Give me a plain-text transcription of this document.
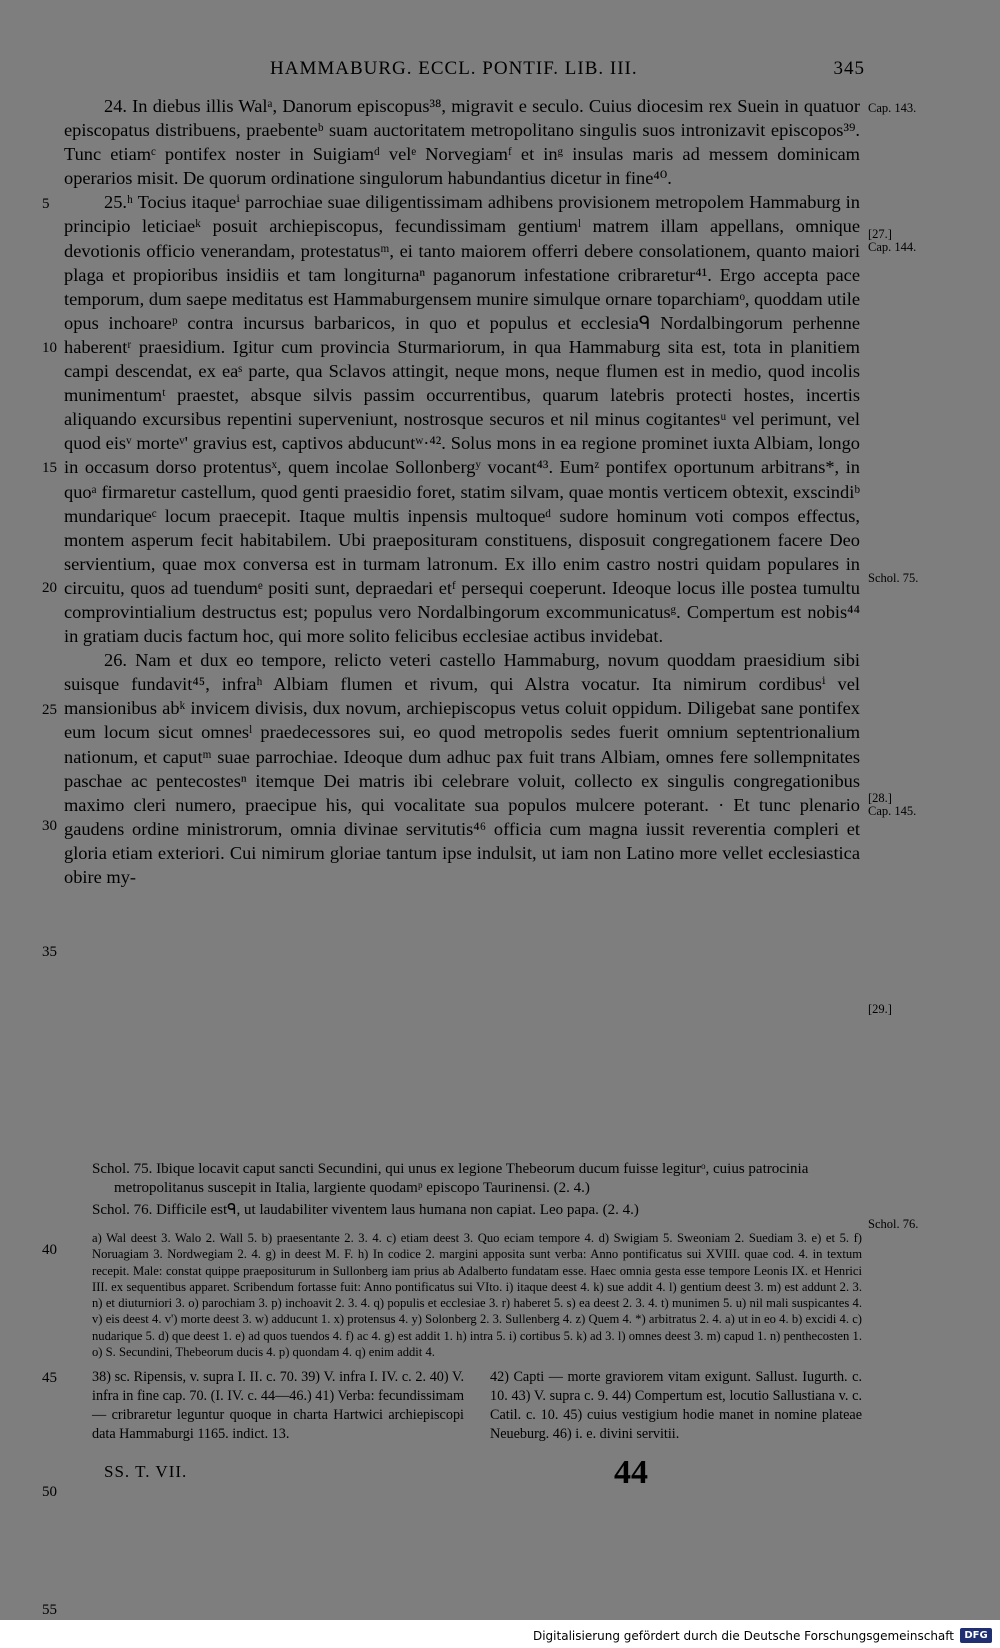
HAMMABURG. ECCL. PONTIF. LIB. III.	345

24. In diebus illis Walᵃ, Danorum episcopus³⁸, migravit e seculo. Cuius diocesim rex Suein in quatuor episcopatus distribuens, praebenteᵇ suam auctoritatem metropolitano singulis suos intronizavit episcopos³⁹. Tunc etiamᶜ pontifex noster in Suigiamᵈ velᵉ Norvegiamᶠ et inᵍ insulas maris ad messem dominicam operarios misit. De quorum ordinatione singulorum habundantius dicetur in fine⁴⁰.

25.ʰ Tocius itaqueⁱ parrochiae suae diligentissimam adhibens provisionem metropolem Hammaburg in principio leticiaeᵏ posuit archiepiscopus, fecundissimam gentiumˡ matrem illam appellans, omnique devotionis officio venerandam, protestatusᵐ, ei tanto maiorem offerri debere consolationem, quanto maiori plaga et propioribus insidiis et tam longiturnaⁿ paganorum infestatione cribraretur⁴¹. Ergo accepta pace temporum, dum saepe meditatus est Hammaburgensem munire simulque ornare toparchiamᵒ, quoddam utile opus inchoareᵖ contra incursus barbaricos, in quo et populus et ecclesiaᑫ Nordalbingorum perhenne haberentʳ praesidium. Igitur cum provincia Sturmariorum, in qua Hammaburg sita est, tota in planitiem campi descendat, ex eaˢ parte, qua Sclavos attingit, neque mons, neque flumen est in medio, quod incolis munimentumᵗ praestet, absque silvis passim occurrentibus, quarum latebris protecti hostes, incertis aliquando excursibus repentini superveniunt, nostrosque securos et nil minus cogitantesᵘ vel perimunt, vel quod eisᵛ morteᵛ' gravius est, captivos abducuntʷ·⁴². Solus mons in ea regione prominet iuxta Albiam, longo in occasum dorso protentusˣ, quem incolae Sollonbergʸ vocant⁴³. Eumᶻ pontifex oportunum arbitrans*, in quoᵃ firmaretur castellum, quod genti praesidio foret, statim silvam, quae montis verticem obtexit, exscindiᵇ mundariqueᶜ locum praecepit. Itaque multis inpensis multoqueᵈ sudore hominum voti compos effectus, montem asperum fecit habitabilem. Ubi praeposituram constituens, disposuit congregationem facere Deo servientium, quae mox conversa est in turmam latronum. Ex illo enim castro nostri quidam populares in circuitu, quos ad tuendumᵉ positi sunt, depraedari etᶠ persequi coeperunt. Ideoque locus ille postea tumultu comprovintialium destructus est; populus vero Nordalbingorum excommunicatusᵍ. Compertum est nobis⁴⁴ in gratiam ducis factum hoc, qui more solito felicibus ecclesiae actibus invidebat.

26. Nam et dux eo tempore, relicto veteri castello Hammaburg, novum quoddam praesidium sibi suisque fundavit⁴⁵, infraʰ Albiam flumen et rivum, qui Alstra vocatur. Ita nimirum cordibusⁱ vel mansionibus abᵏ invicem divisis, dux novum, archiepiscopus vetus coluit oppidum. Diligebat sane pontifex eum locum sicut omnesˡ praedecessores sui, eo quod metropolis sedes fuerit omnium septentrionalium nationum, et caputᵐ suae parrochiae. Ideoque dum adhuc pax fuit trans Albiam, omnes fere sollempnitates paschae ac pentecostesⁿ itemque Dei matris ibi celebrare voluit, collecto ex singulis congregationibus maximo cleri numero, praecipue his, qui vocalitate sua populos mulcere poterant. · Et tunc plenario gaudens ordine ministrorum, omnia divinae servitutis⁴⁶ officia cum magna iussit reverentia compleri et gloria etiam exteriori. Cui nimirum gloriae tantum ipse indulsit, ut iam non Latino more vellet ecclesiastica obire my-

5
10
15
20
25
30
35
40
45
50
55
Cap. 143.
[27.]
Cap. 144.
Schol. 75.
[28.]
Cap. 145.
[29.]
Schol. 76.

Schol. 75. Ibique locavit caput sancti Secundini, qui unus ex legione Thebeorum ducum fuisse legiturᵒ, cuius patrocinia metropolitanus suscepit in Italia, largiente quodamᵖ episcopo Taurinensi. (2. 4.)

Schol. 76. Difficile estᑫ, ut laudabiliter viventem laus humana non capiat. Leo papa. (2. 4.)

a) Wal deest 3. Walo 2. Wall 5. b) praesentante 2. 3. 4. c) etiam deest 3. Quo eciam tempore 4. d) Swigiam 5. Sweoniam 2. Suediam 3. e) et 5. f) Noruagiam 3. Nordwegiam 2. 4. g) in deest M. F. h) In codice 2. margini apposita sunt verba: Anno pontificatus sui XVIII. quae cod. 4. in textum recepit. Male: constat quippe praepositurum in Sullonberg iam prius ab Adalberto fundatam esse. Haec omnia gesta esse tempore Leonis IX. et Henrici III. ex sequentibus apparet. Scribendum fortasse fuit: Anno pontificatus sui VIto. i) itaque deest 4. k) sue addit 4. l) gentium deest 3. m) est addunt 2. 3. n) et diuturniori 3. o) parochiam 3. p) inchoavit 2. 3. 4. q) populis et ecclesiae 3. r) haberet 5. s) ea deest 2. 3. 4. t) munimen 5. u) nil mali suspicantes 4. v) eis deest 4. v') morte deest 3. w) adducunt 1. x) protensus 4. y) Solonberg 2. 3. Sullenberg 4. z) Quem 4. *) arbitratus 2. 4. a) ut in eo 4. b) excidi 4. c) nudarique 5. d) que deest 1. e) ad quos tuendos 4. f) ac 4. g) est addit 1. h) intra 5. i) cortibus 5. k) ad 3. l) omnes deest 3. m) capud 1. n) penthecosten 1. o) S. Secundini, Thebeorum ducis 4. p) quondam 4. q) enim addit 4.

38) sc. Ripensis, v. supra I. II. c. 70. 39) V. infra I. IV. c. 2. 40) V. infra in fine cap. 70. (I. IV. c. 44—46.) 41) Verba: fecundissimam — cribraretur leguntur quoque in charta Hartwici archiepiscopi data Hammaburgi 1165. indict. 13.

42) Capti — morte graviorem vitam exigunt. Sallust. Iugurth. c. 10. 43) V. supra c. 9. 44) Compertum est, locutio Sallustiana v. c. Catil. c. 10. 45) cuius vestigium hodie manet in nomine plateae Neueburg. 46) i. e. divini servitii.

SS. T. VII.	44
Digitalisierung gefördert durch die Deutsche Forschungsgemeinschaft	DFG
